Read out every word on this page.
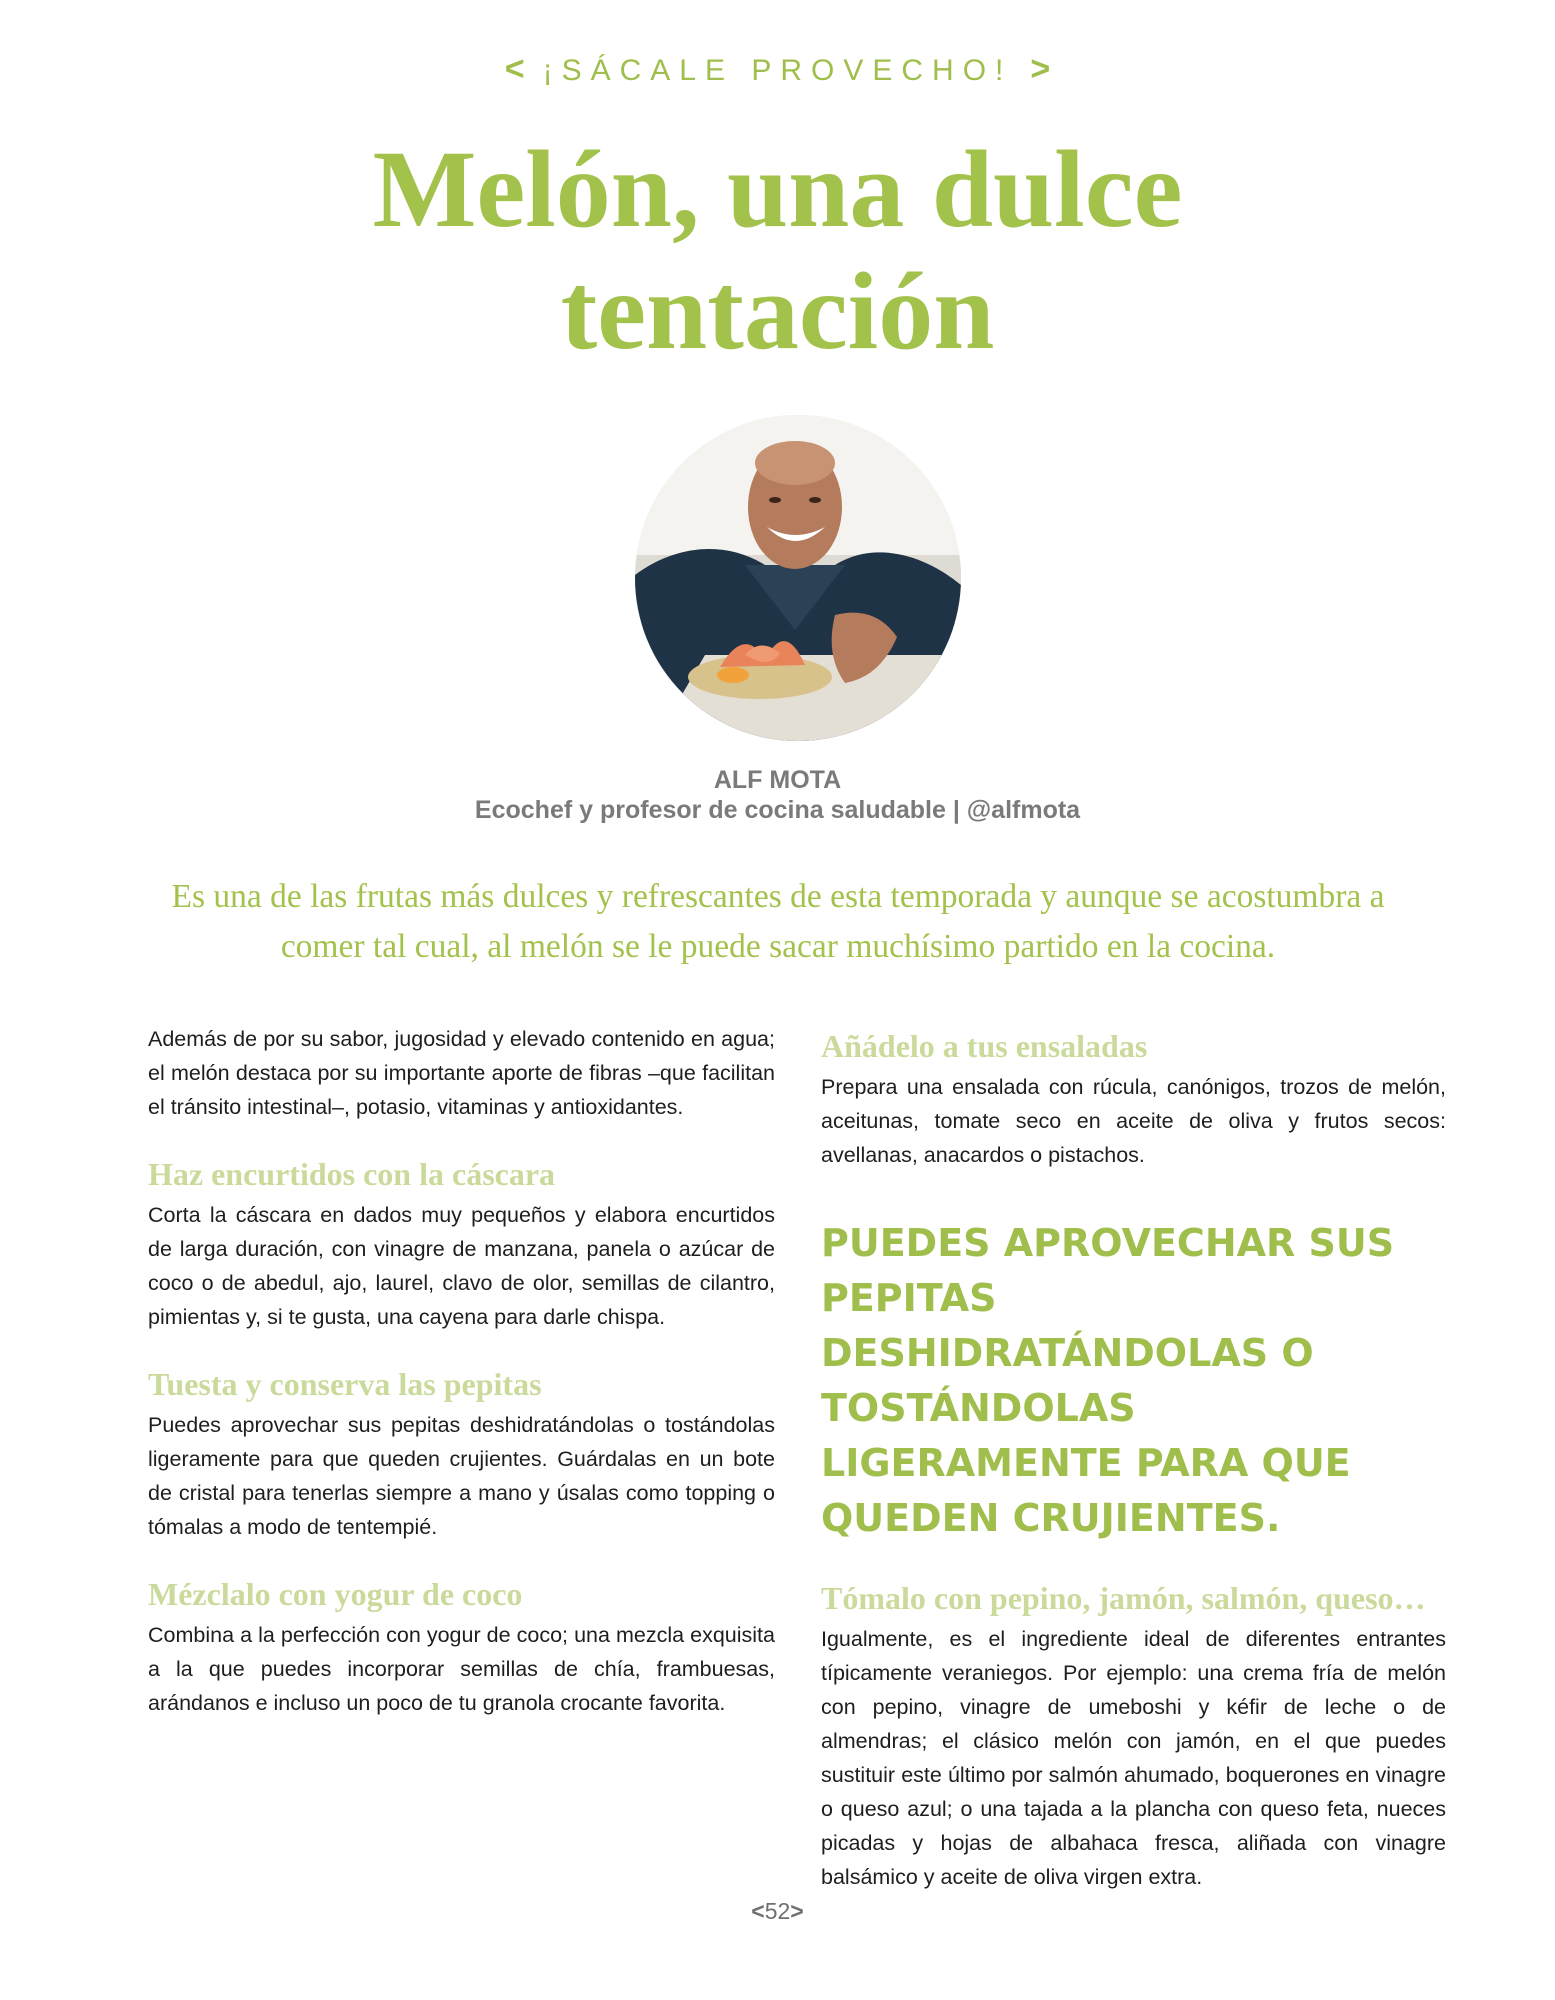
< ¡SÁCALE PROVECHO! >
Melón, una dulce
tentación
ALF MOTA
Ecochef y profesor de cocina saludable | @alfmota

Es una de las frutas más dulces y refrescantes de esta temporada y aunque se acostumbra a comer tal cual, al melón se le puede sacar muchísimo partido en la cocina.

Además de por su sabor, jugosidad y elevado contenido en agua; el melón destaca por su importante aporte de fibras –que facilitan el tránsito intestinal–, potasio, vitaminas y antioxidantes.

Haz encurtidos con la cáscara

Corta la cáscara en dados muy pequeños y elabora encurtidos de larga duración, con vinagre de manzana, panela o azúcar de coco o de abedul, ajo, laurel, clavo de olor, semillas de cilantro, pimientas y, si te gusta, una cayena para darle chispa.

Tuesta y conserva las pepitas

Puedes aprovechar sus pepitas deshidratándolas o tostándolas ligeramente para que queden crujientes. Guárdalas en un bote de cristal para tenerlas siempre a mano y úsalas como topping o tómalas a modo de tentempié.

Mézclalo con yogur de coco

Combina a la perfección con yogur de coco; una mezcla exquisita a la que puedes incorporar semillas de chía, frambuesas, arándanos e incluso un poco de tu granola crocante favorita.

Añádelo a tus ensaladas

Prepara una ensalada con rúcula, canónigos, trozos de melón, aceitunas, tomate seco en aceite de oliva y frutos secos: avellanas, anacardos o pistachos.

PUEDES APROVECHAR SUS PEPITAS DESHIDRATÁNDOLAS O TOSTÁNDOLAS LIGERAMENTE PARA QUE QUEDEN CRUJIENTES.
Tómalo con pepino, jamón, salmón, queso…

Igualmente, es el ingrediente ideal de diferentes entrantes típicamente veraniegos. Por ejemplo: una crema fría de melón con pepino, vinagre de umeboshi y kéfir de leche o de almendras; el clásico melón con jamón, en el que puedes sustituir este último por salmón ahumado, boquerones en vinagre o queso azul; o una tajada a la plancha con queso feta, nueces picadas y hojas de albahaca fresca, aliñada con vinagre balsámico y aceite de oliva virgen extra.

<52>
